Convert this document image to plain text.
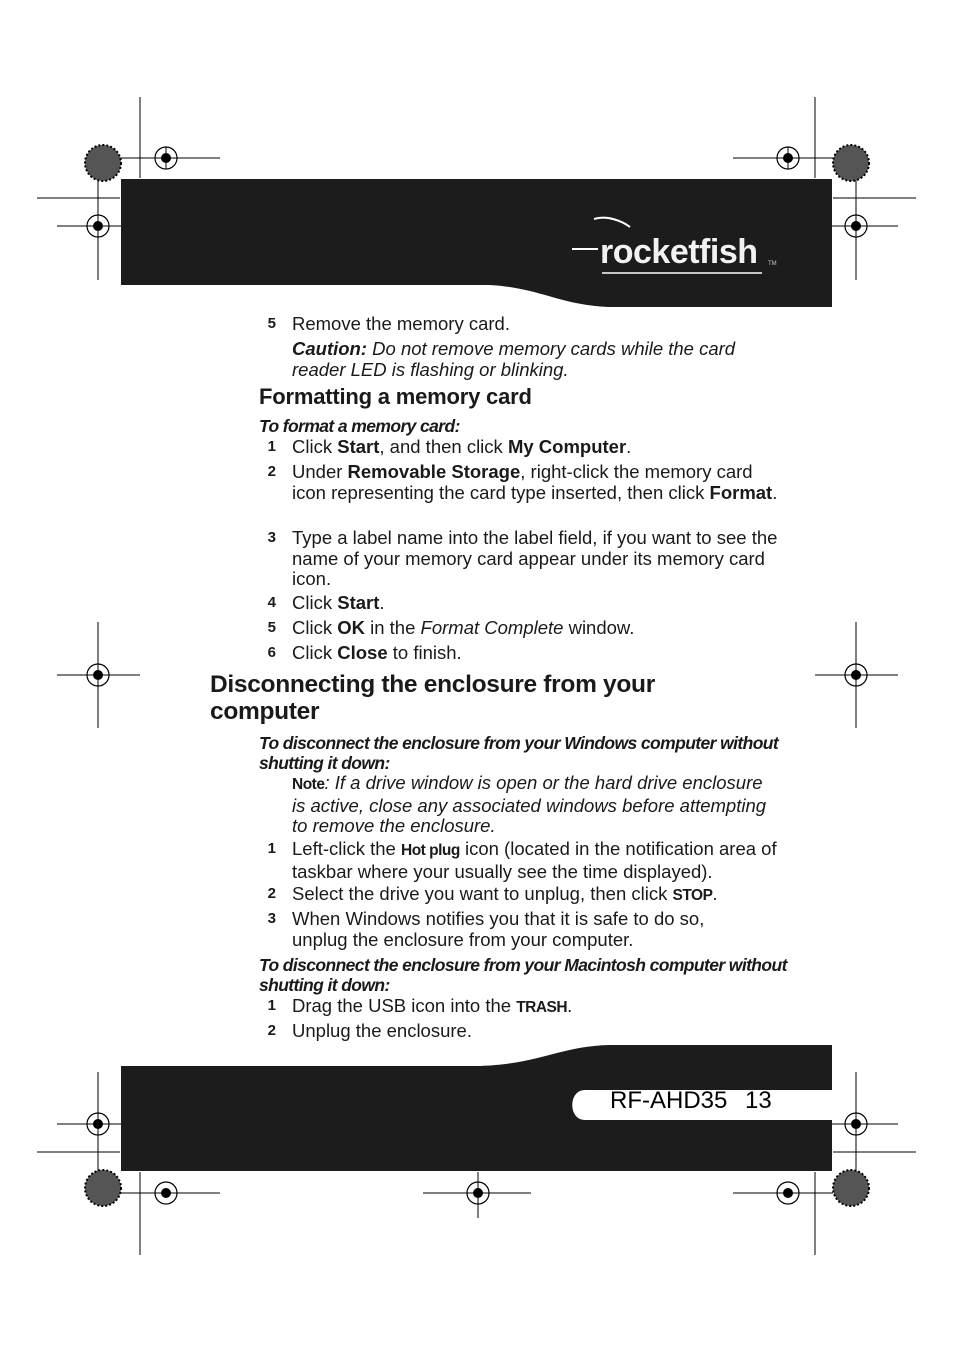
rocketfish TM
5 Remove the memory card.
Caution: Do not remove memory cards while the card reader LED is flashing or blinking.
Formatting a memory card
To format a memory card:
1 Click Start, and then click My Computer.
2 Under Removable Storage, right-click the memory card icon representing the card type inserted, then click Format.
3 Type a label name into the label field, if you want to see the name of your memory card appear under its memory card icon.
4 Click Start.
5 Click OK in the Format Complete window.
6 Click Close to finish.
Disconnecting the enclosure from your computer
To disconnect the enclosure from your Windows computer without shutting it down:
Note: If a drive window is open or the hard drive enclosure is active, close any associated windows before attempting to remove the enclosure.
1 Left-click the Hot plug icon (located in the notification area of taskbar where your usually see the time displayed).
2 Select the drive you want to unplug, then click STOP.
3 When Windows notifies you that it is safe to do so, unplug the enclosure from your computer.
To disconnect the enclosure from your Macintosh computer without shutting it down:
1 Drag the USB icon into the TRASH.
2 Unplug the enclosure.
RF-AHD35 13
